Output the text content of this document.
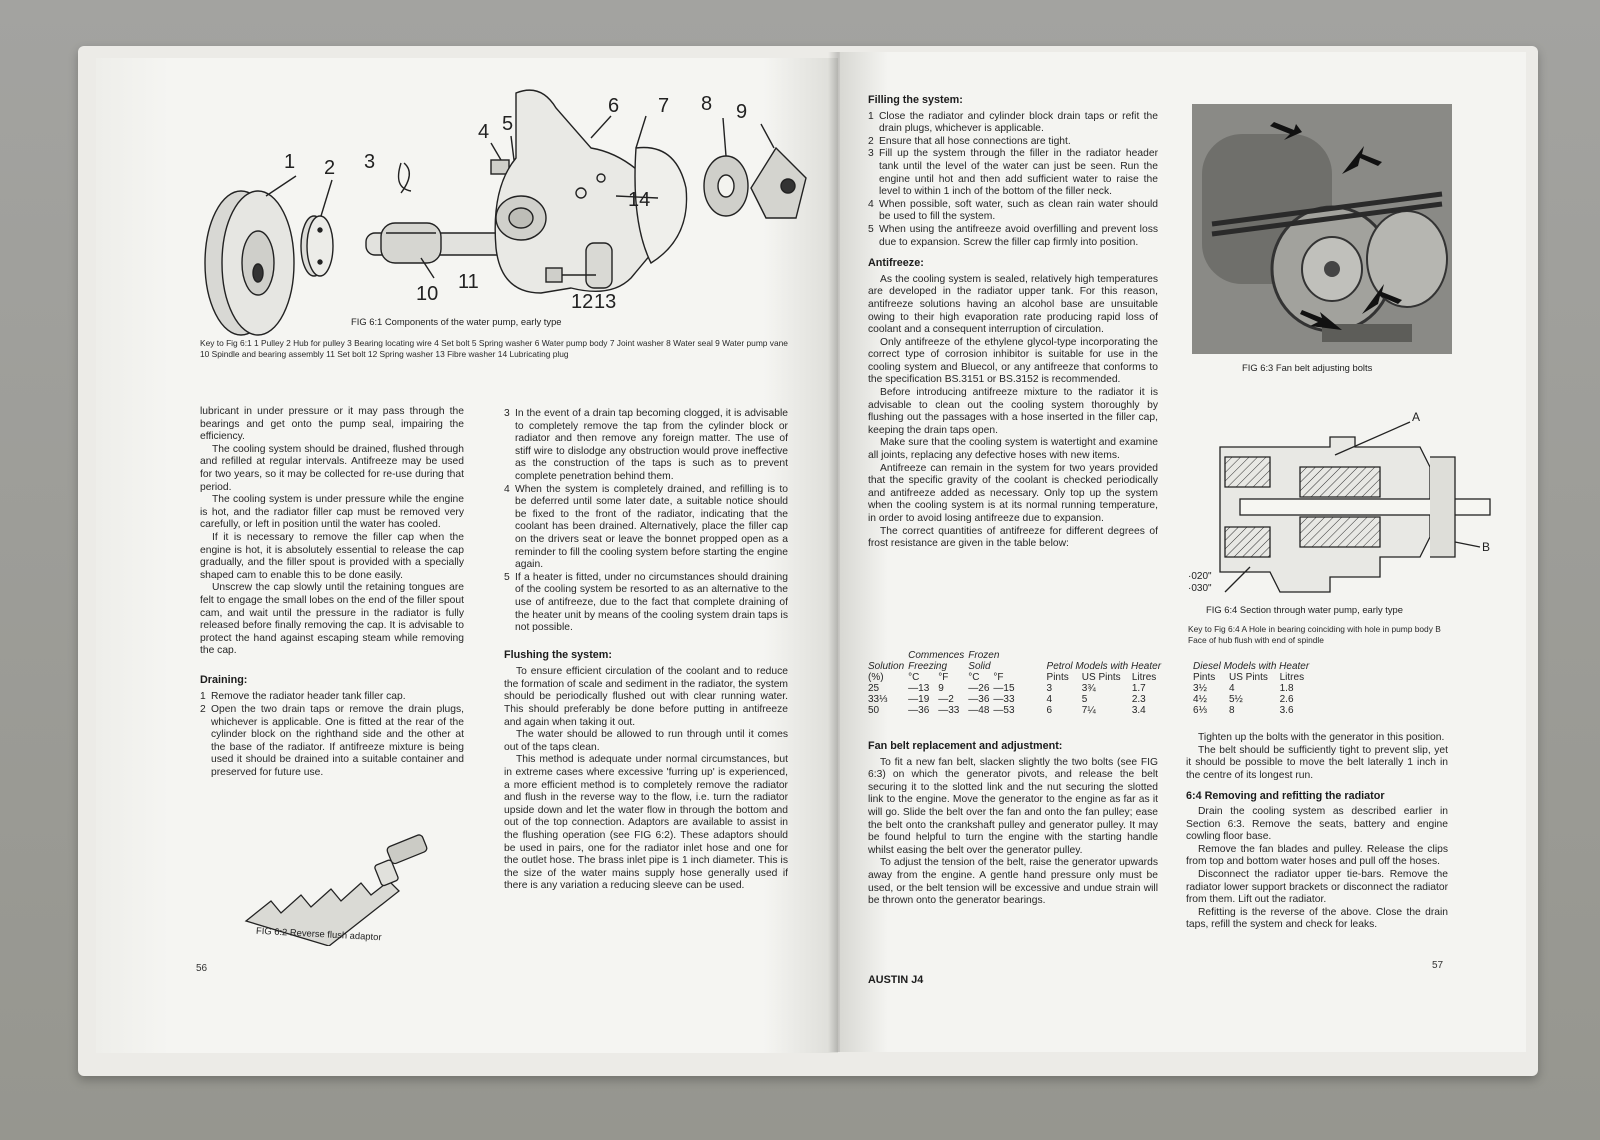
1 2 3
4 5
6 7 8 9
10
11
12 13
14
FIG 6:1 Components of the water pump, early type
Key to Fig 6:1 1 Pulley 2 Hub for pulley 3 Bearing locating wire 4 Set bolt 5 Spring washer 6 Water pump body 7 Joint washer 8 Water seal 9 Water pump vane 10 Spindle and bearing assembly 11 Set bolt 12 Spring washer 13 Fibre washer 14 Lubricating plug

lubricant in under pressure or it may pass through the bearings and get onto the pump seal, impairing the efficiency.

The cooling system should be drained, flushed through and refilled at regular intervals. Antifreeze may be used for two years, so it may be collected for re-use during that period.

The cooling system is under pressure while the engine is hot, and the radiator filler cap must be removed very carefully, or left in position until the water has cooled.

If it is necessary to remove the filler cap when the engine is hot, it is absolutely essential to release the cap gradually, and the filler spout is provided with a specially shaped cam to enable this to be done easily.

Unscrew the cap slowly until the retaining tongues are felt to engage the small lobes on the end of the filler spout cam, and wait until the pressure in the radiator is fully released before finally removing the cap. It is advisable to protect the hand against escaping steam while removing the cap.

Draining:
1 Remove the radiator header tank filler cap.
2 Open the two drain taps or remove the drain plugs, whichever is applicable. One is fitted at the rear of the cylinder block on the righthand side and the other at the base of the radiator. If antifreeze mixture is being used it should be drained into a suitable container and preserved for future use.
FIG 6:2 Reverse flush adaptor
3 In the event of a drain tap becoming clogged, it is advisable to completely remove the tap from the cylinder block or radiator and then remove any foreign matter. The use of stiff wire to dislodge any obstruction would prove ineffective as the construction of the taps is such as to prevent complete penetration behind them.
4 When the system is completely drained, and refilling is to be deferred until some later date, a suitable notice should be fixed to the front of the radiator, indicating that the coolant has been drained. Alternatively, place the filler cap on the drivers seat or leave the bonnet propped open as a reminder to fill the cooling system before starting the engine again.
5 If a heater is fitted, under no circumstances should draining of the cooling system be resorted to as an alternative to the use of antifreeze, due to the fact that complete draining of the heater unit by means of the cooling system drain taps is not possible.
Flushing the system:

To ensure efficient circulation of the coolant and to reduce the formation of scale and sediment in the radiator, the system should be periodically flushed out with clear running water. This should preferably be done before putting in antifreeze and again when taking it out.

The water should be allowed to run through until it comes out of the taps clean.

This method is adequate under normal circumstances, but in extreme cases where excessive 'furring up' is experienced, a more efficient method is to completely remove the radiator and flush in the reverse way to the flow, i.e. turn the radiator upside down and let the water flow in through the bottom and out of the top connection. Adaptors are available to assist in the flushing operation (see FIG 6:2). These adaptors should be used in pairs, one for the radiator inlet hose and one for the outlet hose. The brass inlet pipe is 1 inch diameter. This is the size of the water mains supply hose generally used if there is any variation a reducing sleeve can be used.

56
Filling the system:
1 Close the radiator and cylinder block drain taps or refit the drain plugs, whichever is applicable.
2 Ensure that all hose connections are tight.
3 Fill up the system through the filler in the radiator header tank until the level of the water can just be seen. Run the engine until hot and then add sufficient water to raise the level to within 1 inch of the bottom of the filler neck.
4 When possible, soft water, such as clean rain water should be used to fill the system.
5 When using the antifreeze avoid overfilling and prevent loss due to expansion. Screw the filler cap firmly into position.
Antifreeze:

As the cooling system is sealed, relatively high temperatures are developed in the radiator upper tank. For this reason, antifreeze solutions having an alcohol base are unsuitable owing to their high evaporation rate producing rapid loss of coolant and a consequent interruption of circulation.

Only antifreeze of the ethylene glycol-type incorporating the correct type of corrosion inhibitor is suitable for use in the cooling system and Bluecol, or any antifreeze that conforms to the specification BS.3151 or BS.3152 is recommended.

Before introducing antifreeze mixture to the radiator it is advisable to clean out the cooling system thoroughly by flushing out the passages with a hose inserted in the filler cap, keeping the drain taps open.

Make sure that the cooling system is watertight and examine all joints, replacing any defective hoses with new items.

Antifreeze can remain in the system for two years provided that the specific gravity of the coolant is checked periodically and antifreeze added as necessary. Only top up the system when the cooling system is at its normal running temperature, in order to avoid losing antifreeze due to expansion.

The correct quantities of antifreeze for different degrees of frost resistance are given in the table below:

	Commences		Frozen							
Solution	Freezing		Solid		Petrol Models with Heater			Diesel Models with Heater		
(%)	°C	°F	°C	°F	Pints	US Pints	Litres	Pints	US Pints	Litres
25	—13	9	—26	—15	3	3¾	1.7	3½	4	1.8
33⅓	—19	—2	—36	—33	4	5	2.3	4½	5½	2.6
50	—36	—33	—48	—53	6	7¼	3.4	6⅓	8	3.6
Fan belt replacement and adjustment:

To fit a new fan belt, slacken slightly the two bolts (see FIG 6:3) on which the generator pivots, and release the belt securing it to the slotted link and the nut securing the slotted link to the engine. Move the generator to the engine as far as it will go. Slide the belt over the fan and onto the fan pulley; ease the belt onto the crankshaft pulley and generator pulley. It may be found helpful to turn the engine with the starting handle whilst easing the belt over the generator pulley.

To adjust the tension of the belt, raise the generator upwards away from the engine. A gentle hand pressure only must be used, or the belt tension will be excessive and undue strain will be thrown onto the generator bearings.

FIG 6:3 Fan belt adjusting bolts
A
B
·020"
·030"
FIG 6:4 Section through water pump, early type
Key to Fig 6:4 A Hole in bearing coinciding with hole in pump body B Face of hub flush with end of spindle

Tighten up the bolts with the generator in this position.

The belt should be sufficiently tight to prevent slip, yet it should be possible to move the belt laterally 1 inch in the centre of its longest run.

6:4 Removing and refitting the radiator

Drain the cooling system as described earlier in Section 6:3. Remove the seats, battery and engine cowling floor base.

Remove the fan blades and pulley. Release the clips from top and bottom water hoses and pull off the hoses.

Disconnect the radiator upper tie-bars. Remove the radiator lower support brackets or disconnect the radiator from them. Lift out the radiator.

Refitting is the reverse of the above. Close the drain taps, refill the system and check for leaks.

AUSTIN J4
57
